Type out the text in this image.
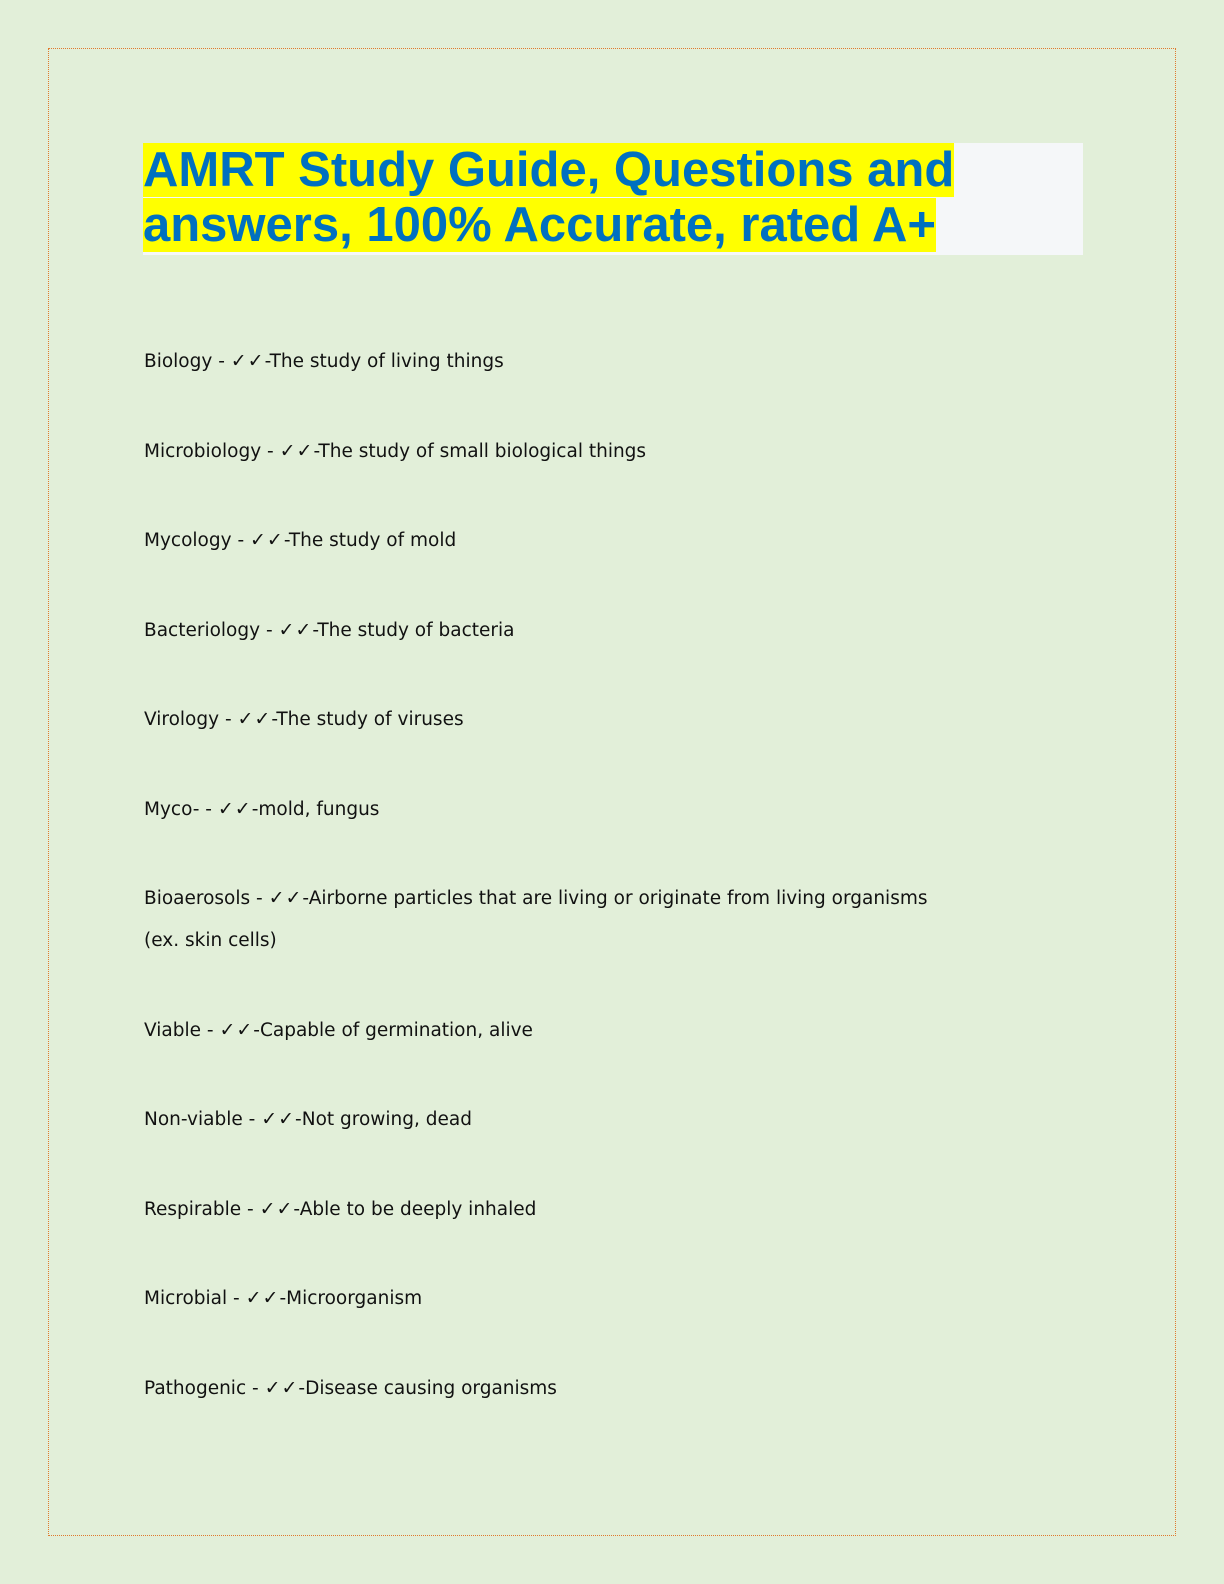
AMRT Study Guide, Questions and
answers, 100% Accurate, rated A+
Biology - ✓✓-The study of living things
Microbiology - ✓✓-The study of small biological things
Mycology - ✓✓-The study of mold
Bacteriology - ✓✓-The study of bacteria
Virology - ✓✓-The study of viruses
Myco- - ✓✓-mold, fungus
Bioaerosols - ✓✓-Airborne particles that are living or originate from living organisms
(ex. skin cells)
Viable - ✓✓-Capable of germination, alive
Non-viable - ✓✓-Not growing, dead
Respirable - ✓✓-Able to be deeply inhaled
Microbial - ✓✓-Microorganism
Pathogenic - ✓✓-Disease causing organisms
